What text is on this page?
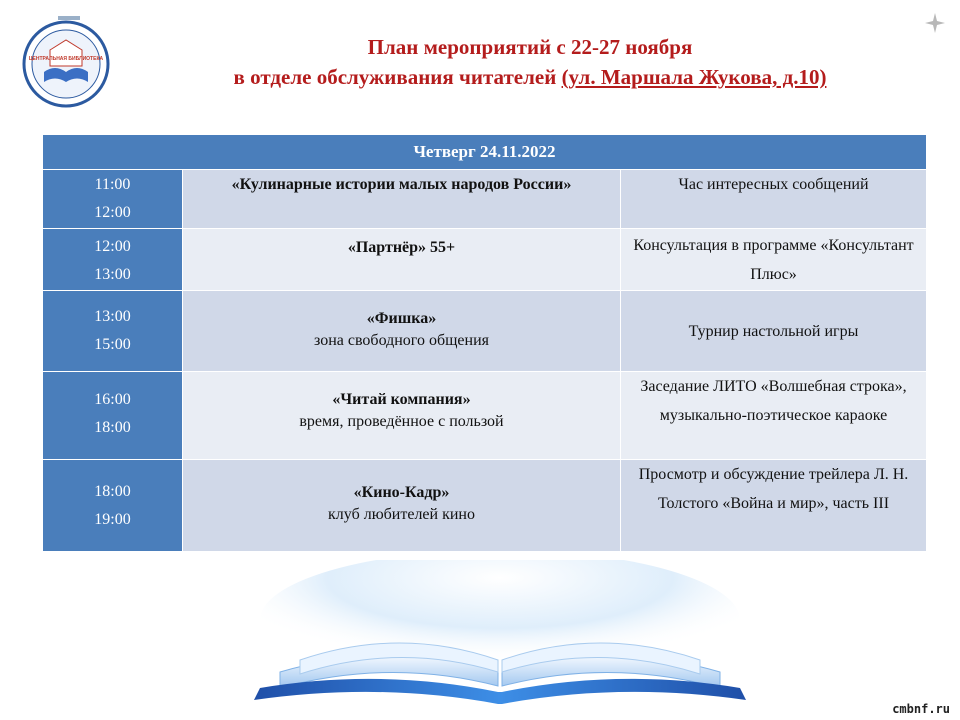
ЦЕНТРАЛЬНАЯ БИБЛИОТЕКА	План мероприятий с 22-27 ноября
в отделе обслуживания читателей (ул. Маршала Жукова, д.10)
Четверг 24.11.2022		

11:00
12:00	«Кулинарные истории малых народов России»	Час интересных сообщений

12:00
13:00	«Партнёр» 55+	Консультация в программе «Консультант Плюс»

13:00
15:00	«Фишка»
зона свободного общения	Турнир настольной игры

16:00
18:00	«Читай компания»
время, проведённое с пользой	Заседание ЛИТО «Волшебная строка», музыкально-поэтическое караоке

18:00
19:00	«Кино-Кадр»
клуб любителей кино	Просмотр и обсуждение трейлера Л. Н. Толстого «Война и мир», часть III
cmbnf.ru
